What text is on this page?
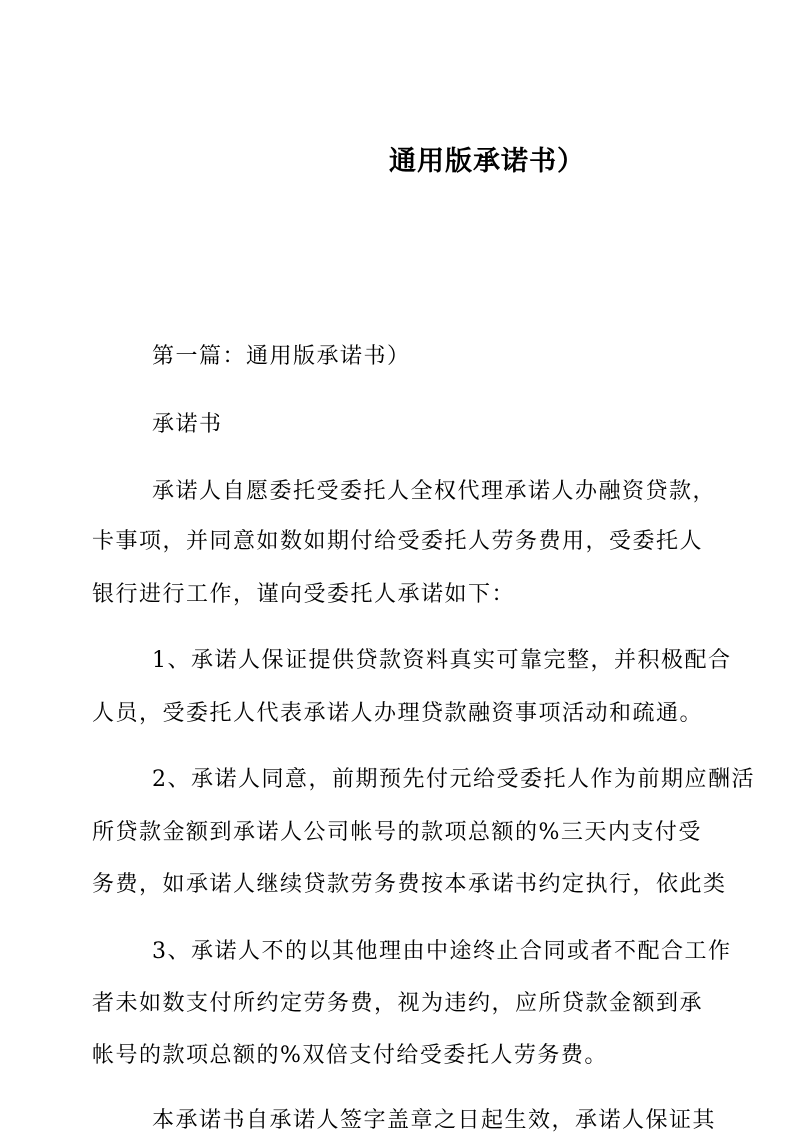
通用版承诺书）
第一篇：通用版承诺书）
承诺书
承诺人自愿委托受委托人全权代理承诺人办融资贷款，
卡事项，并同意如数如期付给受委托人劳务费用，受委托人
银行进行工作，谨向受委托人承诺如下：
1、承诺人保证提供贷款资料真实可靠完整，并积极配合
人员，受委托人代表承诺人办理贷款融资事项活动和疏通。
2、承诺人同意，前期预先付元给受委托人作为前期应酬活
所贷款金额到承诺人公司帐号的款项总额的%三天内支付受
务费，如承诺人继续贷款劳务费按本承诺书约定执行，依此类
3、承诺人不的以其他理由中途终止合同或者不配合工作
者未如数支付所约定劳务费，视为违约，应所贷款金额到承
帐号的款项总额的%双倍支付给受委托人劳务费。
本承诺书自承诺人签字盖章之日起生效，承诺人保证其
